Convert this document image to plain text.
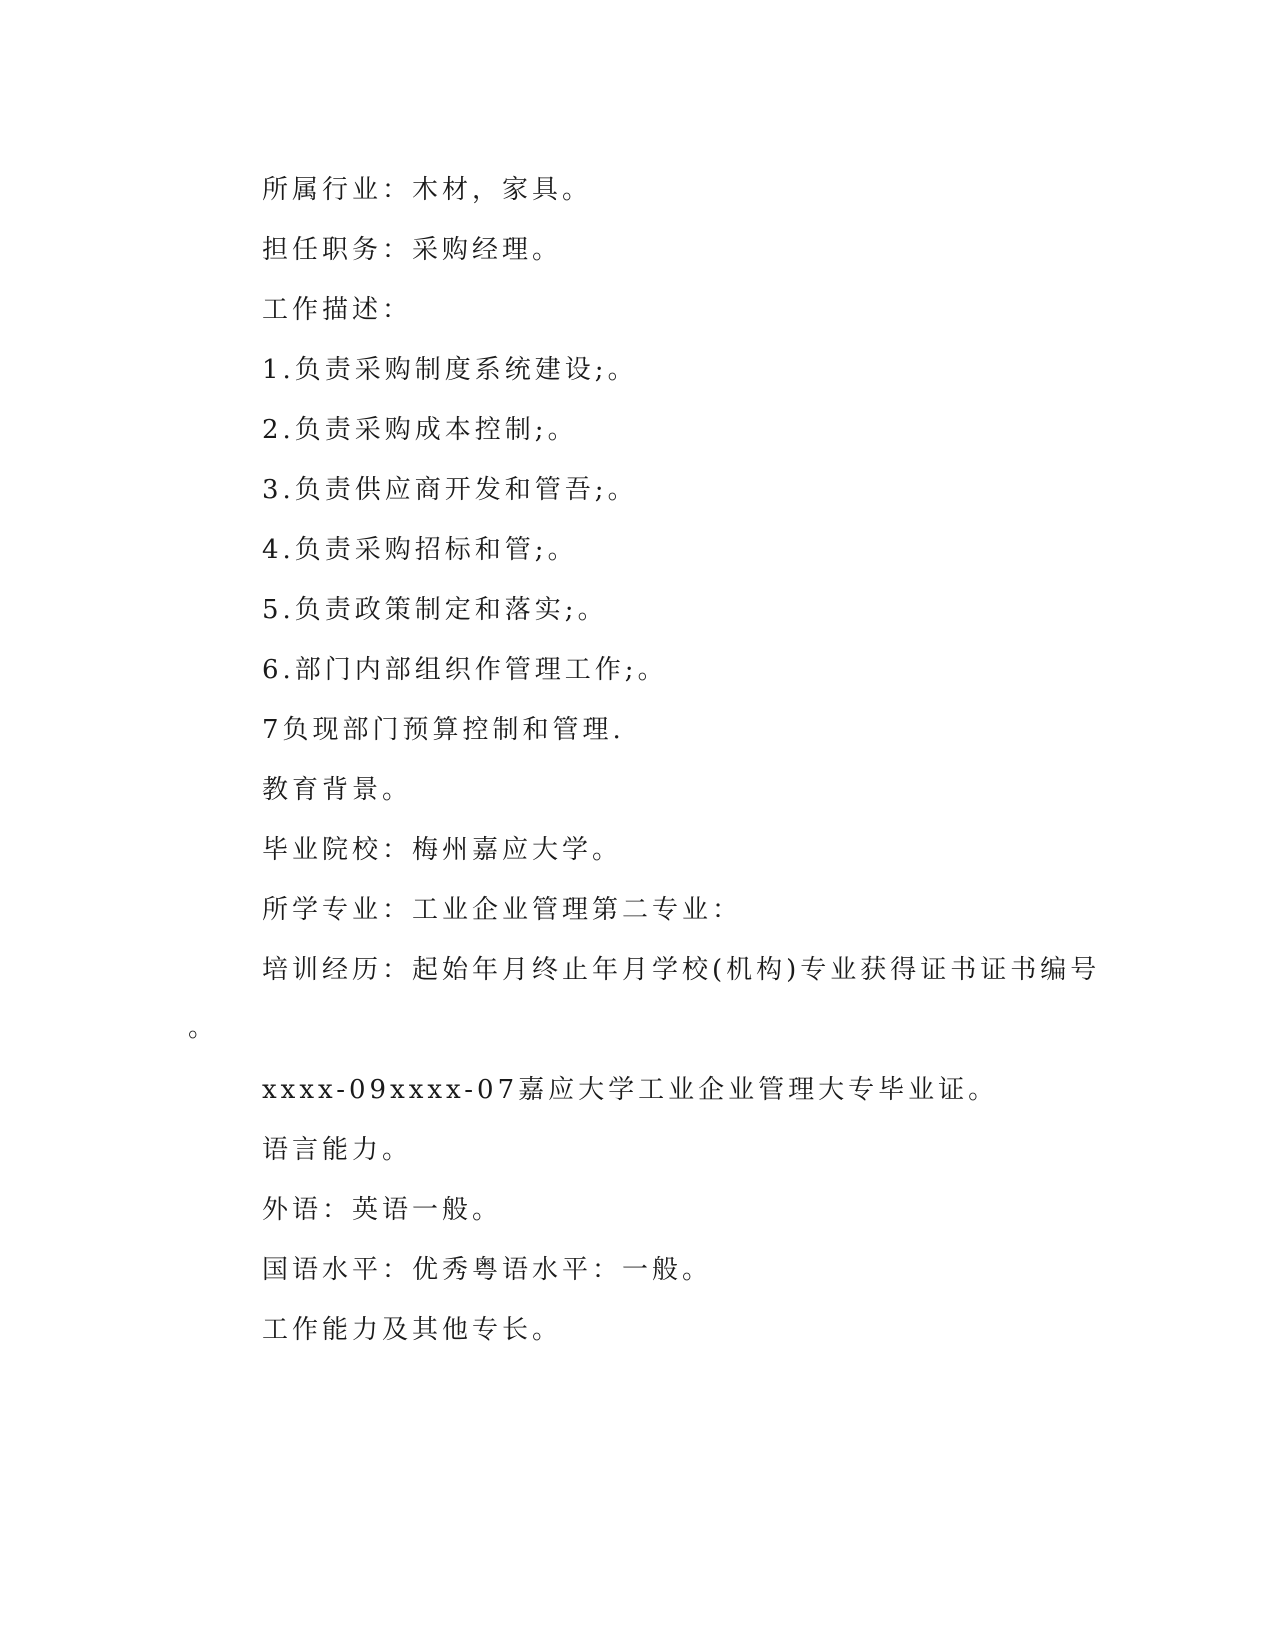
所属行业：木材，家具。
担任职务：采购经理。
工作描述：
1.负责采购制度系统建设;。
2.负责采购成本控制;。
3.负责供应商开发和管吾;。
4.负责采购招标和管;。
5.负责政策制定和落实;。
6.部门内部组织作管理工作;。
7负现部门预算控制和管理.
教育背景。
毕业院校：梅州嘉应大学。
所学专业：工业企业管理第二专业：
培训经历：起始年月终止年月学校(机构)专业获得证书证书编号
。
xxxx-09xxxx-07嘉应大学工业企业管理大专毕业证。
语言能力。
外语：英语一般。
国语水平：优秀粤语水平：一般。
工作能力及其他专长。
